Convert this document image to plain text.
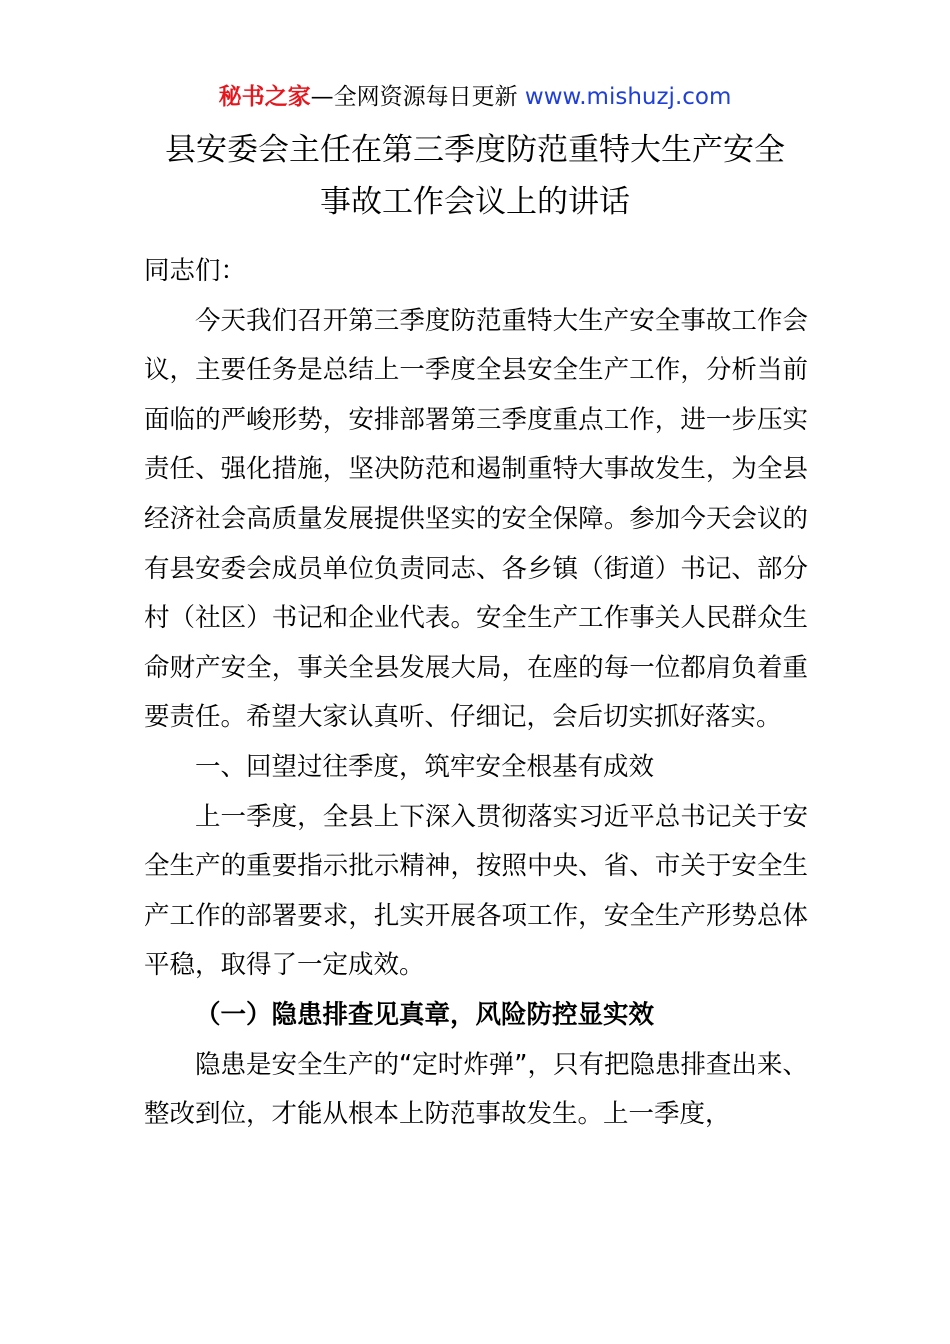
秘书之家—全网资源每日更新 www.mishuzj.com
县安委会主任在第三季度防范重特大生产安全
事故工作会议上的讲话

同志们：

今天我们召开第三季度防范重特大生产安全事故工作会议，主要任务是总结上一季度全县安全生产工作，分析当前面临的严峻形势，安排部署第三季度重点工作，进一步压实责任、强化措施，坚决防范和遏制重特大事故发生，为全县经济社会高质量发展提供坚实的安全保障。参加今天会议的有县安委会成员单位负责同志、各乡镇（街道）书记、部分村（社区）书记和企业代表。安全生产工作事关人民群众生命财产安全，事关全县发展大局，在座的每一位都肩负着重要责任。希望大家认真听、仔细记，会后切实抓好落实。

一、回望过往季度，筑牢安全根基有成效

上一季度，全县上下深入贯彻落实习近平总书记关于安全生产的重要指示批示精神，按照中央、省、市关于安全生产工作的部署要求，扎实开展各项工作，安全生产形势总体平稳，取得了一定成效。

（一）隐患排查见真章，风险防控显实效

隐患是安全生产的“定时炸弹”，只有把隐患排查出来、整改到位，才能从根本上防范事故发生。上一季度，
